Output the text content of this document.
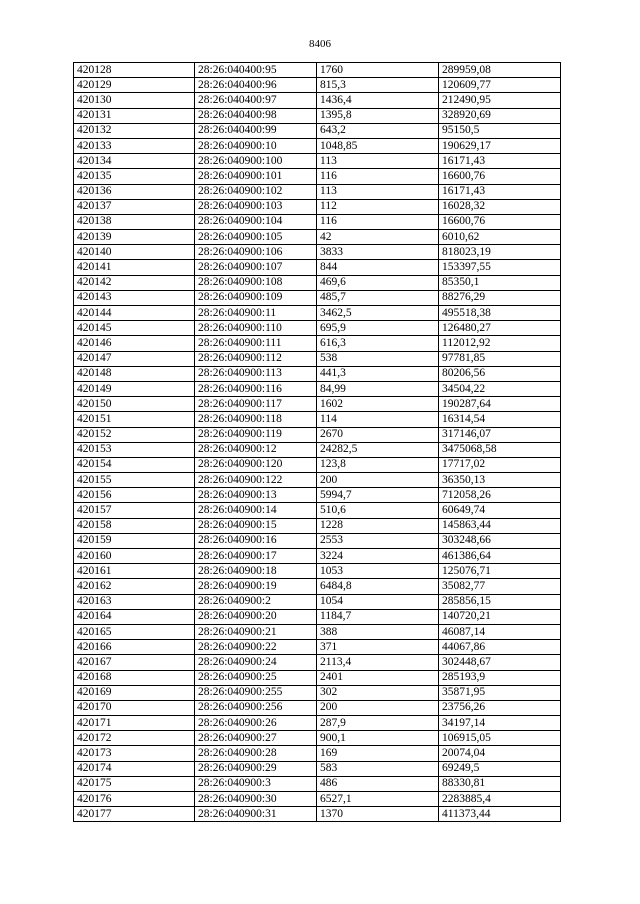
8406
420128	28:26:040400:95	1760	289959,08
420129	28:26:040400:96	815,3	120609,77
420130	28:26:040400:97	1436,4	212490,95
420131	28:26:040400:98	1395,8	328920,69
420132	28:26:040400:99	643,2	95150,5
420133	28:26:040900:10	1048,85	190629,17
420134	28:26:040900:100	113	16171,43
420135	28:26:040900:101	116	16600,76
420136	28:26:040900:102	113	16171,43
420137	28:26:040900:103	112	16028,32
420138	28:26:040900:104	116	16600,76
420139	28:26:040900:105	42	6010,62
420140	28:26:040900:106	3833	818023,19
420141	28:26:040900:107	844	153397,55
420142	28:26:040900:108	469,6	85350,1
420143	28:26:040900:109	485,7	88276,29
420144	28:26:040900:11	3462,5	495518,38
420145	28:26:040900:110	695,9	126480,27
420146	28:26:040900:111	616,3	112012,92
420147	28:26:040900:112	538	97781,85
420148	28:26:040900:113	441,3	80206,56
420149	28:26:040900:116	84,99	34504,22
420150	28:26:040900:117	1602	190287,64
420151	28:26:040900:118	114	16314,54
420152	28:26:040900:119	2670	317146,07
420153	28:26:040900:12	24282,5	3475068,58
420154	28:26:040900:120	123,8	17717,02
420155	28:26:040900:122	200	36350,13
420156	28:26:040900:13	5994,7	712058,26
420157	28:26:040900:14	510,6	60649,74
420158	28:26:040900:15	1228	145863,44
420159	28:26:040900:16	2553	303248,66
420160	28:26:040900:17	3224	461386,64
420161	28:26:040900:18	1053	125076,71
420162	28:26:040900:19	6484,8	35082,77
420163	28:26:040900:2	1054	285856,15
420164	28:26:040900:20	1184,7	140720,21
420165	28:26:040900:21	388	46087,14
420166	28:26:040900:22	371	44067,86
420167	28:26:040900:24	2113,4	302448,67
420168	28:26:040900:25	2401	285193,9
420169	28:26:040900:255	302	35871,95
420170	28:26:040900:256	200	23756,26
420171	28:26:040900:26	287,9	34197,14
420172	28:26:040900:27	900,1	106915,05
420173	28:26:040900:28	169	20074,04
420174	28:26:040900:29	583	69249,5
420175	28:26:040900:3	486	88330,81
420176	28:26:040900:30	6527,1	2283885,4
420177	28:26:040900:31	1370	411373,44
